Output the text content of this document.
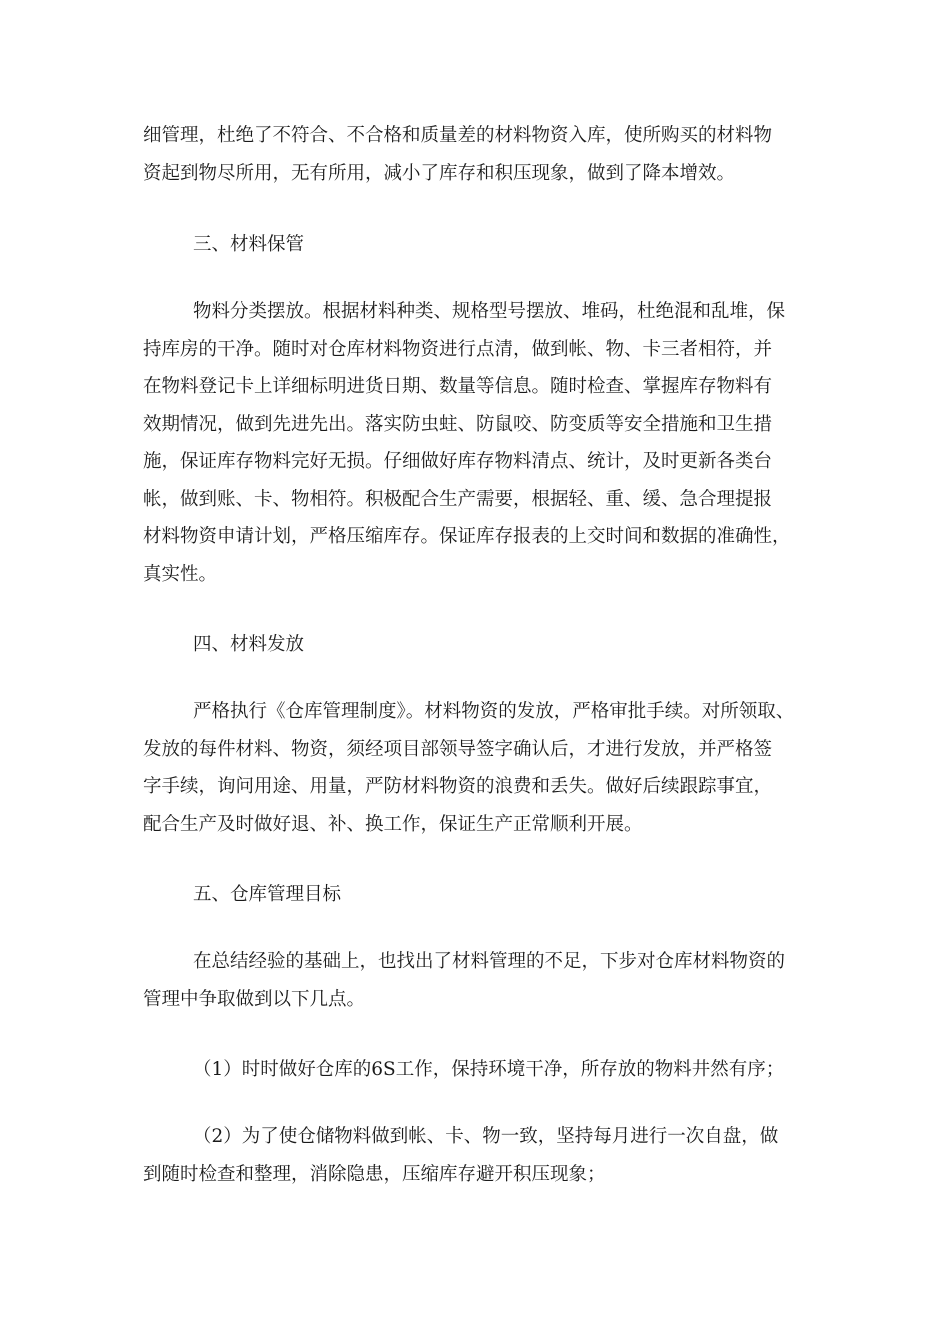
细管理，杜绝了不符合、不合格和质量差的材料物资入库，使所购买的材料物

资起到物尽所用，无有所用，减小了库存和积压现象，做到了降本增效。

三、材料保管

物料分类摆放。根据材料种类、规格型号摆放、堆码，杜绝混和乱堆，保

持库房的干净。随时对仓库材料物资进行点清，做到帐、物、卡三者相符，并

在物料登记卡上详细标明进货日期、数量等信息。随时检查、掌握库存物料有

效期情况，做到先进先出。落实防虫蛀、防鼠咬、防变质等安全措施和卫生措

施，保证库存物料完好无损。仔细做好库存物料清点、统计，及时更新各类台

帐，做到账、卡、物相符。积极配合生产需要，根据轻、重、缓、急合理提报

材料物资申请计划，严格压缩库存。保证库存报表的上交时间和数据的准确性，

真实性。

四、材料发放

严格执行《仓库管理制度》。材料物资的发放，严格审批手续。对所领取、

发放的每件材料、物资，须经项目部领导签字确认后，才进行发放，并严格签

字手续，询问用途、用量，严防材料物资的浪费和丢失。做好后续跟踪事宜，

配合生产及时做好退、补、换工作，保证生产正常顺利开展。

五、仓库管理目标

在总结经验的基础上，也找出了材料管理的不足，下步对仓库材料物资的

管理中争取做到以下几点。

（1）时时做好仓库的6S工作，保持环境干净，所存放的物料井然有序；

（2）为了使仓储物料做到帐、卡、物一致，坚持每月进行一次自盘，做

到随时检查和整理，消除隐患，压缩库存避开积压现象；
